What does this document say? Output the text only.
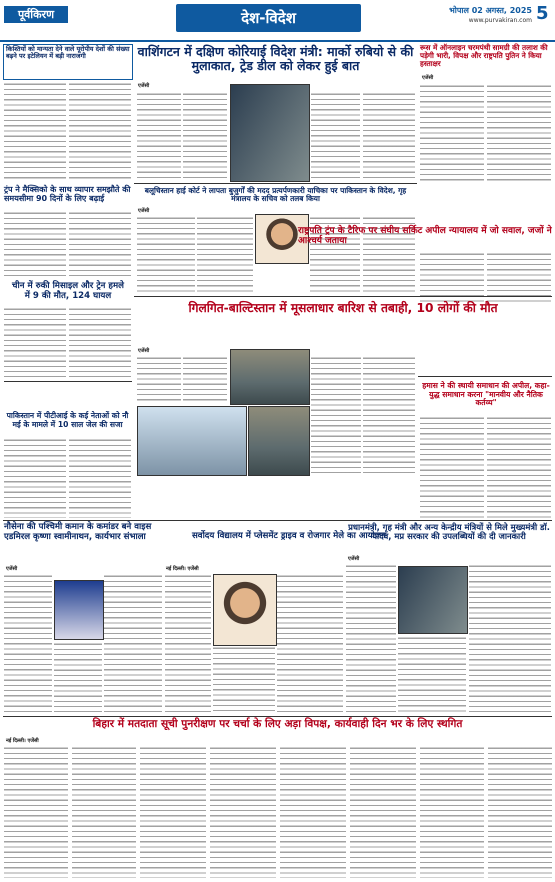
पूर्वकिरण	देश-विदेश	भोपाल 02 अगस्त, 2025
www.purvakiran.com 5
किश्तियों को मान्यता देने वाले यूरोपीय देशों की संख्या बढ़ने पर इटेलियन में बड़ी नाराजगी
ट्रंप ने मैक्सिको के साथ व्यापार समझौते की समयसीमा 90 दिनों के लिए बढ़ाई
चीन में रुकी मिसाइल और ट्रेन हमले में 9 की मौत, 124 घायल
वाशिंगटन में दक्षिण कोरियाई विदेश मंत्री: मार्को रुबियो से की मुलाकात, ट्रेड डील को लेकर हुई बात
एजेंसी
बलूचिस्तान हाई कोर्ट ने लापता बुजुर्गों की मदद प्रत्यर्पणकारी याचिका पर पाकिस्तान के विदेश, गृह मंत्रालय के सचिव को तलब किया
एजेंसी
रूस में ऑनलाइन चरमपंथी सामग्री की तलाश की पड़ेगी भारी, विपक्ष और राष्ट्रपति पुतिन ने किया हस्ताक्षर
एजेंसी
राष्ट्रपति ट्रंप के टैरिफ पर संघीय सर्किट अपील न्यायालय में जो सवाल, जजों ने आश्चर्य जताया
पाकिस्तान में पीटीआई के कई नेताओं को नौ मई के मामले में 10 साल जेल की सजा
गिलगित-बाल्टिस्तान में मूसलाधार बारिश से तबाही, 10 लोगों की मौत
एजेंसी
हमास ने की स्थायी समाधान की अपील, कहा- युद्ध समाधान करना "मानवीय और नैतिक कर्तव्य"
नौसेना की पश्चिमी कमान के कमांडर बने वाइस एडमिरल कृष्णा स्वामीनाथन, कार्यभार संभाला
एजेंसी
सर्वोदय विद्यालय में प्लेसमेंट ड्राइव व रोजगार मेले का आयोजन
नई दिल्ली। एजेंसी
प्रधानमंत्री, गृह मंत्री और अन्य केन्द्रीय मंत्रियों से मिले मुख्यमंत्री डॉ. यादव, मप्र सरकार की उपलब्धियों की दी जानकारी
एजेंसी
बिहार में मतदाता सूची पुनरीक्षण पर चर्चा के लिए अड़ा विपक्ष, कार्यवाही दिन भर के लिए स्थगित
नई दिल्ली। एजेंसी
